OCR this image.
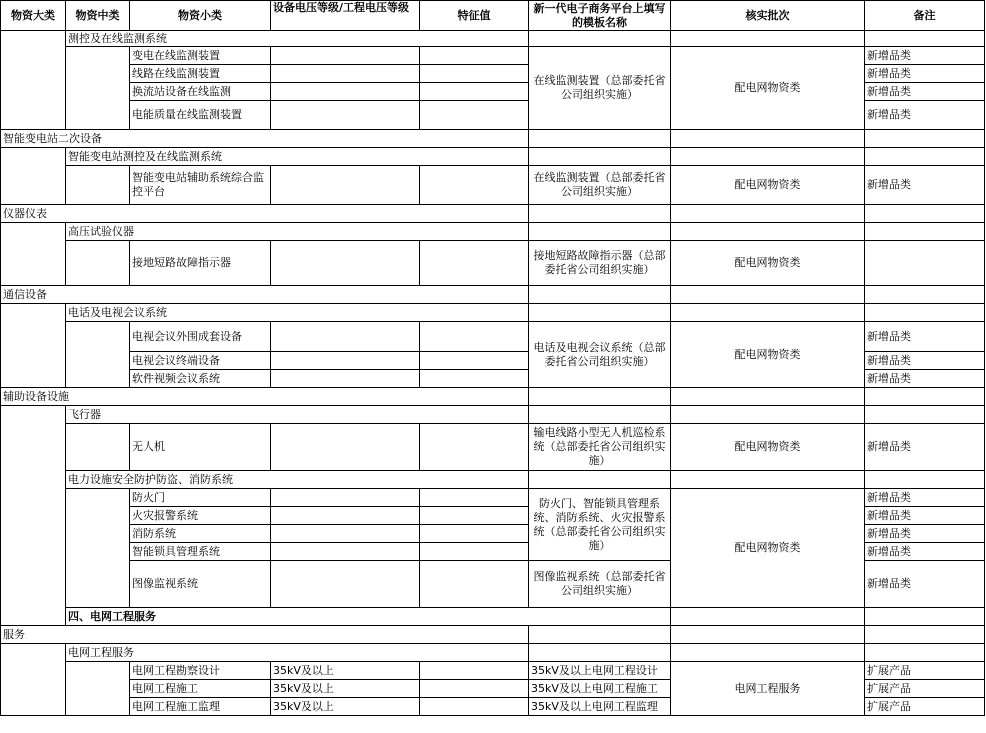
物资大类	物资中类	物资小类	设备电压等级/工程电压等级	特征值	新一代电子商务平台上填写的模板名称	核实批次	备注	
	测控及在线监测系统							
		变电在线监测装置			在线监测装置（总部委托省公司组织实施）	配电网物资类	新增品类	
		线路在线监测装置					新增品类	
		换流站设备在线监测					新增品类	
		电能质量在线监测装置					新增品类	
智能变电站二次设备								
	智能变电站测控及在线监测系统							
		智能变电站辅助系统综合监控平台			在线监测装置（总部委托省公司组织实施）	配电网物资类	新增品类	
仪器仪表								
	高压试验仪器							
		接地短路故障指示器			接地短路故障指示器（总部委托省公司组织实施）	配电网物资类		
通信设备								
	电话及电视会议系统							
		电视会议外围成套设备			电话及电视会议系统（总部委托省公司组织实施）	配电网物资类	新增品类	
		电视会议终端设备					新增品类	
		软件视频会议系统					新增品类	
辅助设备设施								
	飞行器							
		无人机			输电线路小型无人机巡检系统（总部委托省公司组织实施）	配电网物资类	新增品类	
	电力设施安全防护防盗、消防系统							
		防火门			防火门、智能锁具管理系统、消防系统、火灾报警系统（总部委托省公司组织实施）	配电网物资类	新增品类	
		火灾报警系统					新增品类	
		消防系统					新增品类	
		智能锁具管理系统					新增品类	
		图像监视系统			图像监视系统（总部委托省公司组织实施）		新增品类	
	四、电网工程服务							
服务								
	电网工程服务							
		电网工程勘察设计	35kV及以上		35kV及以上电网工程设计	电网工程服务	扩展产品	
		电网工程施工	35kV及以上		35kV及以上电网工程施工		扩展产品	
		电网工程施工监理	35kV及以上		35kV及以上电网工程监理		扩展产品	
